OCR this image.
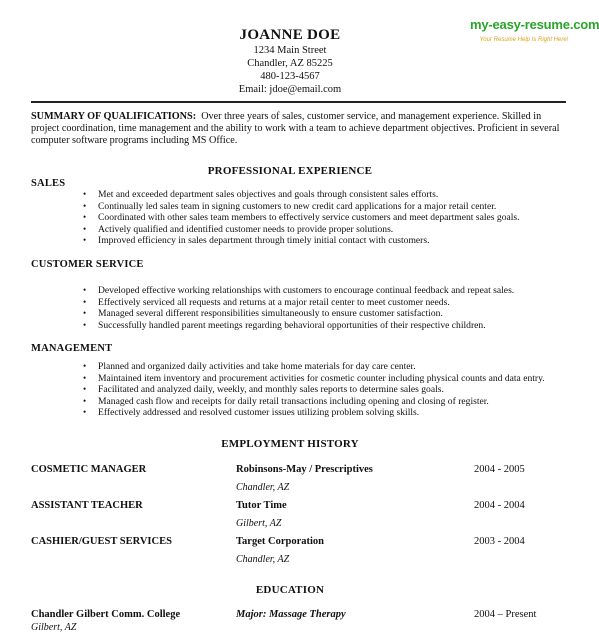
my-easy-resume.com
Your Resume Help Is Right Here!
JOANNE DOE
1234 Main Street
Chandler, AZ 85225
480-123-4567
Email: jdoe@email.com
SUMMARY OF QUALIFICATIONS: Over three years of sales, customer service, and management experience. Skilled in project coordination, time management and the ability to work with a team to achieve department objectives. Proficient in several computer software programs including MS Office.
PROFESSIONAL EXPERIENCE
SALES
• Met and exceeded department sales objectives and goals through consistent sales efforts.
• Continually led sales team in signing customers to new credit card applications for a major retail center.
• Coordinated with other sales team members to effectively service customers and meet department sales goals.
• Actively qualified and identified customer needs to provide proper solutions.
• Improved efficiency in sales department through timely initial contact with customers.
CUSTOMER SERVICE
• Developed effective working relationships with customers to encourage continual feedback and repeat sales.
• Effectively serviced all requests and returns at a major retail center to meet customer needs.
• Managed several different responsibilities simultaneously to ensure customer satisfaction.
• Successfully handled parent meetings regarding behavioral opportunities of their respective children.
MANAGEMENT
• Planned and organized daily activities and take home materials for day care center.
• Maintained item inventory and procurement activities for cosmetic counter including physical counts and data entry.
• Facilitated and analyzed daily, weekly, and monthly sales reports to determine sales goals.
• Managed cash flow and receipts for daily retail transactions including opening and closing of register.
• Effectively addressed and resolved customer issues utilizing problem solving skills.
EMPLOYMENT HISTORY
COSMETIC MANAGER	Robinsons-May / Prescriptives	2004 - 2005
Chandler, AZ
ASSISTANT TEACHER	Tutor Time	2004 - 2004
Gilbert, AZ
CASHIER/GUEST SERVICES	Target Corporation	2003 - 2004
Chandler, AZ
EDUCATION
Chandler Gilbert Comm. College	Major: Massage Therapy	2004 – Present
Gilbert, AZ
